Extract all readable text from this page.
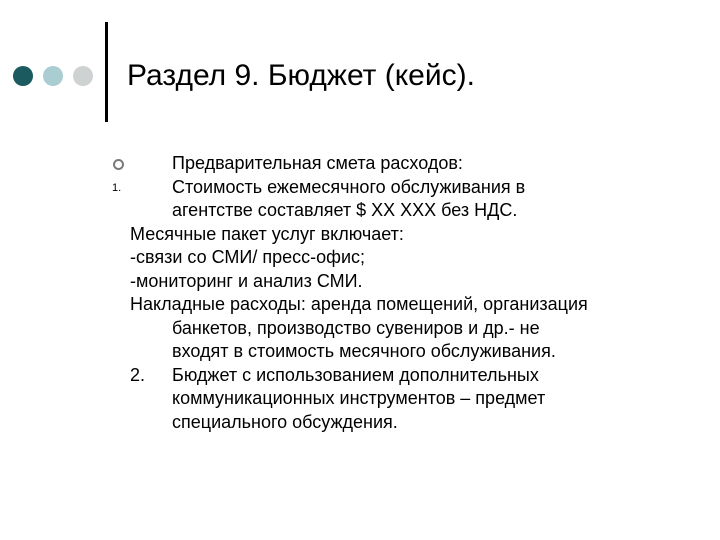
Раздел 9. Бюджет (кейс).
Предварительная смета расходов:
1.	Стоимость ежемесячного обслуживания в
агентстве составляет $ ХХ ХХХ без НДС.
Месячные пакет услуг включает:
-связи со СМИ/ пресс-офис;
-мониторинг и анализ СМИ.
Накладные расходы: аренда помещений, организация
банкетов, производство сувениров и др.- не
входят в стоимость месячного обслуживания.
2. Бюджет с использованием дополнительных
коммуникационных инструментов – предмет
специального обсуждения.
